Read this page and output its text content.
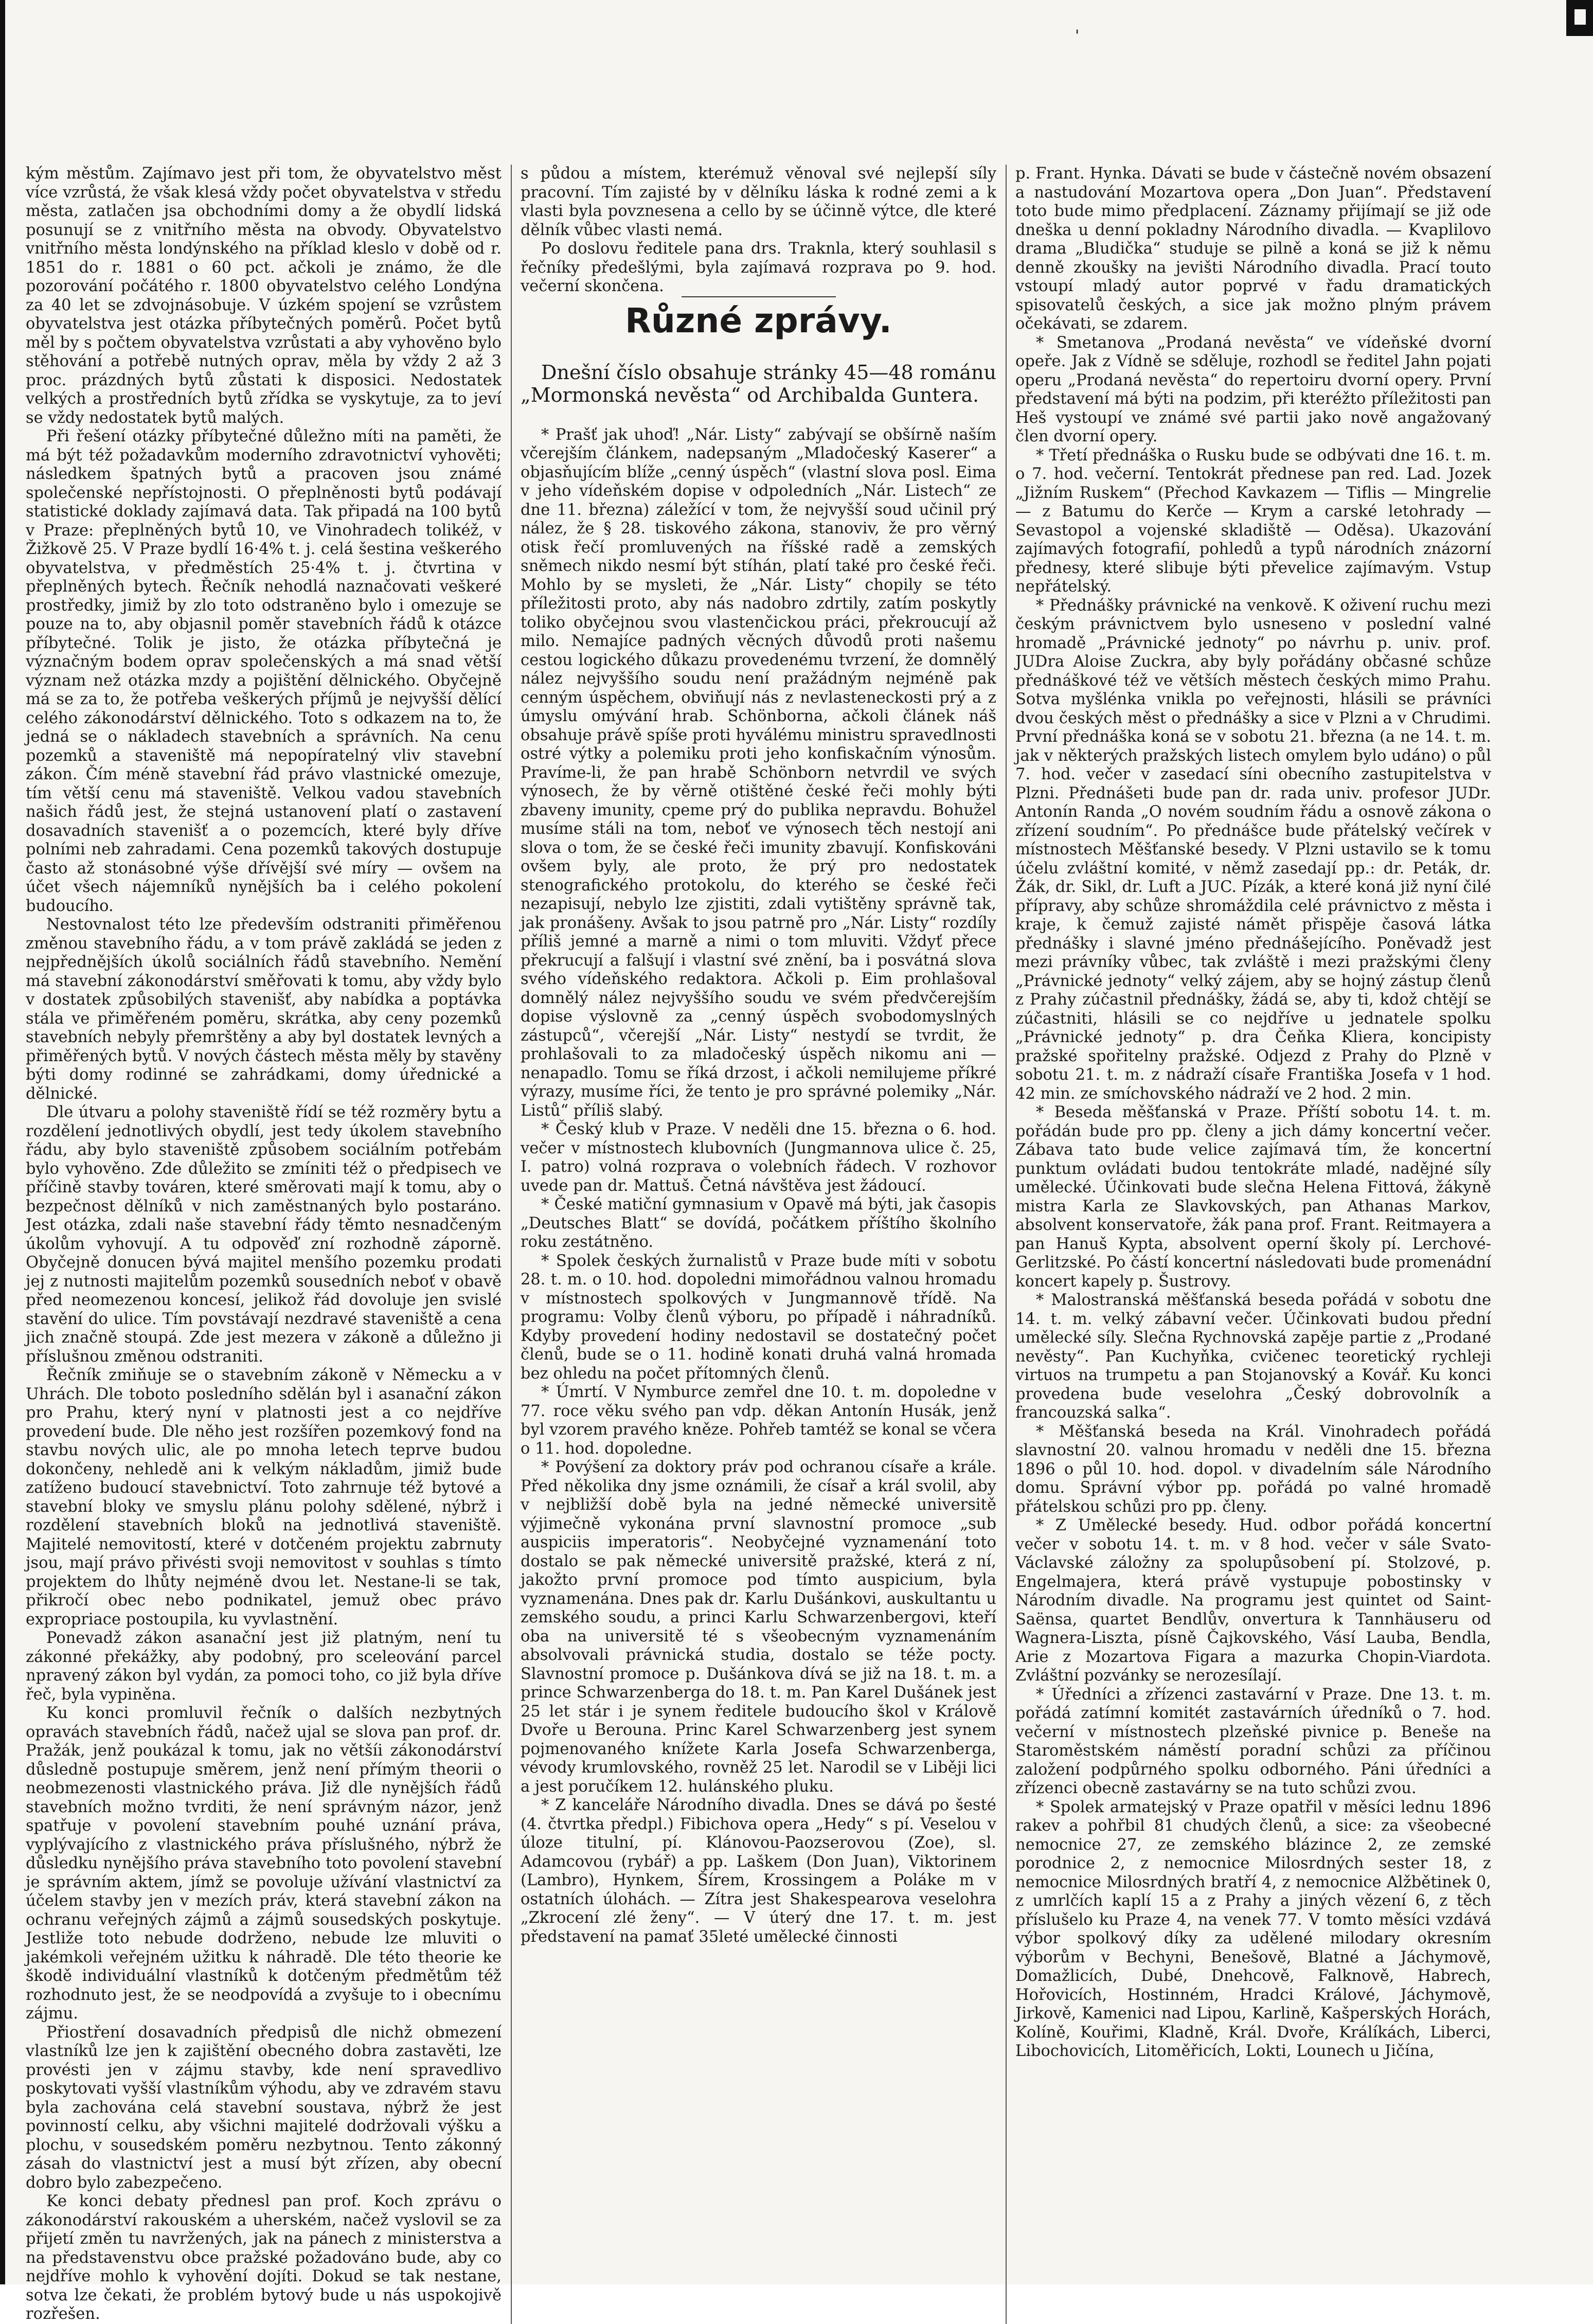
'

kým městům. Zajímavo jest při tom, že obyvatelstvo měst více vzrůstá, že však klesá vždy počet obyvatelstva v středu města, zatlačen jsa obchodními domy a že obydlí lidská posunují se z vnitřního města na obvody. Obyvatelstvo vnitřního města londýnského na příklad kleslo v době od r. 1851 do r. 1881 o 60 pct. ačkoli je známo, že dle pozorování počátého r. 1800 obyvatelstvo celého Londýna za 40 let se zdvojnásobuje. V úzkém spojení se vzrůstem obyvatelstva jest otázka příbytečných poměrů. Počet bytů měl by s počtem obyvatelstva vzrůstati a aby vyhověno bylo stěhování a potřebě nutných oprav, měla by vždy 2 až 3 proc. prázdných bytů zůstati k disposici. Nedostatek velkých a prostředních bytů zřídka se vyskytuje, za to jeví se vždy nedostatek bytů malých.

Při řešení otázky příbytečné důležno míti na paměti, že má být též požadavkům moderního zdravotnictví vyhověti; následkem špatných bytů a pracoven jsou známé společenské nepřístojnosti. O přeplněnosti bytů podávají statistické doklady zajímavá data. Tak připadá na 100 bytů v Praze: přeplněných bytů 10, ve Vinohradech tolikéž, v Žižkově 25. V Praze bydlí 16·4% t. j. celá šestina veškerého obyvatelstva, v předměstích 25·4% t. j. čtvrtina v přeplněných bytech. Řečník nehodlá naznačovati veškeré prostředky, jimiž by zlo toto odstraněno bylo i omezuje se pouze na to, aby objasnil poměr stavebních řádů k otázce příbytečné. Tolik je jisto, že otázka příbytečná je význačným bodem oprav společenských a má snad větší význam než otázka mzdy a pojištění dělnického. Obyčejně má se za to, že potřeba veškerých příjmů je nejvyšší dělící celého zákonodárství dělnického. Toto s odkazem na to, že jedná se o nákladech stavebních a správních. Na cenu pozemků a staveniště má nepopíratelný vliv stavební zákon. Čím méně stavební řád právo vlastnické omezuje, tím větší cenu má staveniště. Velkou vadou stavebních našich řádů jest, že stejná ustanovení platí o zastavení dosavadních stavenišť a o pozemcích, které byly dříve polními neb zahradami. Cena pozemků takových dostupuje často až stonásobné výše dřívější své míry — ovšem na účet všech nájemníků nynějších ba i celého pokolení budoucího.

Nestovnalost této lze především odstraniti přiměřenou změnou stavebního řádu, a v tom právě zakládá se jeden z nejpřednějších úkolů sociálních řádů stavebního. Nemění má stavební zákonodárství směřovati k tomu, aby vždy bylo v dostatek způsobilých stavenišť, aby nabídka a poptávka stála ve přiměřeném poměru, skrátka, aby ceny pozemků stavebních nebyly přemrštěny a aby byl dostatek levných a přiměřených bytů. V nových částech města měly by stavěny býti domy rodinné se zahrádkami, domy úřednické a dělnické.

Dle útvaru a polohy staveniště řídí se též rozměry bytu a rozdělení jednotlivých obydlí, jest tedy úkolem stavebního řádu, aby bylo staveniště způsobem sociálním potřebám bylo vyhověno. Zde důležito se zmíniti též o předpisech ve příčině stavby továren, které směrovati mají k tomu, aby o bezpečnost dělníků v nich zaměstnaných bylo postaráno. Jest otázka, zdali naše stavební řády těmto nesnadčeným úkolům vyhovují. A tu odpověď zní rozhodně záporně. Obyčejně donucen bývá majitel menšího pozemku prodati jej z nutnosti majitelům pozemků sousedních neboť v obavě před neomezenou koncesí, jelikož řád dovoluje jen svislé stavění do ulice. Tím povstávají nezdravé staveniště a cena jich značně stoupá. Zde jest mezera v zákoně a důležno ji příslušnou změnou odstraniti.

Řečník zmiňuje se o stavebním zákoně v Německu a v Uhrách. Dle toboto posledního sdělán byl i asanační zákon pro Prahu, který nyní v platnosti jest a co nejdříve provedení bude. Dle něho jest rozšířen pozemkový fond na stavbu nových ulic, ale po mnoha letech teprve budou dokončeny, nehledě ani k velkým nákladům, jimiž bude zatíženo budoucí stavebnictví. Toto zahrnuje též bytové a stavební bloky ve smyslu plánu polohy sdělené, nýbrž i rozdělení stavebních bloků na jednotlivá staveniště. Majitelé nemovitostí, které v dotčeném projektu zabrnuty jsou, mají právo přivésti svoji nemovitost v souhlas s tímto projektem do lhůty nejméně dvou let. Nestane-li se tak, přikročí obec nebo podnikatel, jemuž obec právo expropriace postoupila, ku vyvlastnění.

Ponevadž zákon asanační jest již platným, není tu zákonné překážky, aby podobný, pro sceleování parcel npravený zákon byl vydán, za pomoci toho, co již byla dříve řeč, byla vypiněna.

Ku konci promluvil řečník o dalších nezbytných opravách stavebních řádů, načež ujal se slova pan prof. dr. Pražák, jenž poukázal k tomu, jak no většíi zákonodárství důsledně postupuje směrem, jenž není přímým theorii o neobmezenosti vlastnického práva. Již dle nynějších řádů stavebních možno tvrditi, že není správným názor, jenž spatřuje v povolení stavebním pouhé uznání práva, vyplývajícího z vlastnického práva příslušného, nýbrž že důsledku nynějšího práva stavebního toto povolení stavební je správním aktem, jímž se povoluje užívání vlastnictví za účelem stavby jen v mezích práv, která stavební zákon na ochranu veřejných zájmů a zájmů sousedských poskytuje. Jestliže toto nebude dodrženo, nebude lze mluviti o jakémkoli veřejném užitku k náhradě. Dle této theorie ke škodě individuální vlastníků k dotčeným předmětům též rozhodnuto jest, že se neodpovídá a zvyšuje to i obecnímu zájmu.

Přiostření dosavadních předpisů dle nichž obmezení vlastníků lze jen k zajištění obecného dobra zastavěti, lze provésti jen v zájmu stavby, kde není spravedlivo poskytovati vyšší vlastníkům výhodu, aby ve zdravém stavu byla zachována celá stavební soustava, nýbrž že jest povinností celku, aby všichni majitelé dodržovali výšku a plochu, v sousedském poměru nezbytnou. Tento zákonný zásah do vlastnictví jest a musí být zřízen, aby obecní dobro bylo zabezpečeno.

Ke konci debaty přednesl pan prof. Koch zprávu o zákonodárství rakouském a uherském, načež vyslovil se za přijetí změn tu navržených, jak na pánech z ministerstva a na představenstvu obce pražské požadováno bude, aby co nejdříve mohlo k vyhovění dojíti. Dokud se tak nestane, sotva lze čekati, že problém bytový bude u nás uspokojivě rozřešen.

s půdou a místem, kterémuž věnoval své nejlepší síly pracovní. Tím zajisté by v dělníku láska k rodné zemi a k vlasti byla povznesena a cello by se účinně výtce, dle které dělník vůbec vlasti nemá.

Po doslovu ředitele pana drs. Traknla, který souhlasil s řečníky předešlými, byla zajímavá rozprava po 9. hod. večerní skončena.

Různé zprávy.

Dnešní číslo obsahuje stránky 45—48 románu „Mormonská nevěsta“ od Archibalda Guntera.

* Prašť jak uhoď! „Nár. Listy“ zabývají se obšírně naším včerejším článkem, nadepsaným „Mladočeský Kaserer“ a objasňujícím blíže „cenný úspěch“ (vlastní slova posl. Eima v jeho vídeňském dopise v odpoledních „Nár. Listech“ ze dne 11. března) záležící v tom, že nejvyšší soud učinil prý nález, že § 28. tiskového zákona, stanoviv, že pro věrný otisk řečí promluvených na říšské radě a zemských sněmech nikdo nesmí být stíhán, platí také pro české řeči. Mohlo by se mysleti, že „Nár. Listy“ chopily se této příležitosti proto, aby nás nadobro zdrtily, zatím poskytly toliko obyčejnou svou vlastenčickou práci, překroucují až milo. Nemajíce padných věcných důvodů proti našemu cestou logického důkazu provedenému tvrzení, že domnělý nález nejvyššího soudu není pražádným nejméně pak cenným úspěchem, obviňují nás z nevlasteneckosti prý a z úmyslu omývání hrab. Schönborna, ačkoli článek náš obsahuje právě spíše proti hyválému ministru spravedlnosti ostré výtky a polemiku proti jeho konfiskačním výnosům. Pravíme-li, že pan hrabě Schönborn netvrdil ve svých výnosech, že by věrně otištěné české řeči mohly býti zbaveny imunity, cpeme prý do publika nepravdu. Bohužel musíme stáli na tom, neboť ve výnosech těch nestojí ani slova o tom, že se české řeči imunity zbavují. Konfiskováni ovšem byly, ale proto, že prý pro nedostatek stenografického protokolu, do kterého se české řeči nezapisují, nebylo lze zjistiti, zdali vytištěny správně tak, jak pronášeny. Avšak to jsou patrně pro „Nár. Listy“ rozdíly příliš jemné a marně a nimi o tom mluviti. Vždyť přece překrucují a falšují i vlastní své znění, ba i posvátná slova svého vídeňského redaktora. Ačkoli p. Eim prohlašoval domnělý nález nejvyššího soudu ve svém předvčerejším dopise výslovně za „cenný úspěch svobodomyslných zástupců“, včerejší „Nár. Listy“ nestydí se tvrdit, že prohlašovali to za mladočeský úspěch nikomu ani — nenapadlo. Tomu se říká drzost, i ačkoli nemilujeme příkré výrazy, musíme říci, že tento je pro správné polemiky „Nár. Listů“ příliš slabý.

* Český klub v Praze. V neděli dne 15. března o 6. hod. večer v místnostech klubovních (Jungmannova ulice č. 25, I. patro) volná rozprava o volebních řádech. V rozhovor uvede pan dr. Mattuš. Četná návštěva jest žádoucí.

* České matiční gymnasium v Opavě má býti, jak časopis „Deutsches Blatt“ se dovídá, počátkem příštího školního roku zestátněno.

* Spolek českých žurnalistů v Praze bude míti v sobotu 28. t. m. o 10. hod. dopoledni mimořádnou valnou hromadu v místnostech spolkových v Jungmannově třídě. Na programu: Volby členů výboru, po případě i náhradníků. Kdyby provedení hodiny nedostavil se dostatečný počet členů, bude se o 11. hodině konati druhá valná hromada bez ohledu na počet přítomných členů.

* Úmrtí. V Nymburce zemřel dne 10. t. m. dopoledne v 77. roce věku svého pan vdp. děkan Antonín Husák, jenž byl vzorem pravého kněze. Pohřeb tamtéž se konal se včera o 11. hod. dopoledne.

* Povýšení za doktory práv pod ochranou císaře a krále. Před několika dny jsme oznámili, že císař a král svolil, aby v nejbližší době byla na jedné německé universitě výjimečně vykonána první slavnostní promoce „sub auspiciis imperatoris“. Neobyčejné vyznamenání toto dostalo se pak německé universitě pražské, která z ní, jakožto první promoce pod tímto auspicium, byla vyznamenána. Dnes pak dr. Karlu Dušánkovi, auskultantu u zemského soudu, a princi Karlu Schwarzenbergovi, kteří oba na universitě té s všeobecným vyznamenáním absolvovali právnická studia, dostalo se téže pocty. Slavnostní promoce p. Dušánkova dívá se již na 18. t. m. a prince Schwarzenberga do 18. t. m. Pan Karel Dušánek jest 25 let stár i je synem ředitele budoucího škol v Králově Dvoře u Berouna. Princ Karel Schwarzenberg jest synem pojmenovaného knížete Karla Josefa Schwarzenberga, vévody krumlovského, rovněž 25 let. Narodil se v Liběji lici a jest poručíkem 12. hulánského pluku.

* Z kanceláře Národního divadla. Dnes se dává po šesté (4. čtvrtka předpl.) Fibichova opera „Hedy“ s pí. Veselou v úloze titulní, pí. Klánovou-Paozserovou (Zoe), sl. Adamcovou (rybář) a pp. Laškem (Don Juan), Viktorinem (Lambro), Hynkem, Šírem, Krossingem a Poláke m v ostatních úlohách. — Zítra jest Shakespearova veselohra „Zkrocení zlé ženy“. — V úterý dne 17. t. m. jest představení na pamať 35leté umělecké činnosti

p. Frant. Hynka. Dávati se bude v částečně novém obsazení a nastudování Mozartova opera „Don Juan“. Představení toto bude mimo předplacení. Záznamy přijímají se již ode dneška u denní pokladny Národního divadla. — Kvaplilovo drama „Bludička“ studuje se pilně a koná se již k němu denně zkoušky na jevišti Národního divadla. Prací touto vstoupí mladý autor poprvé v řadu dramatických spisovatelů českých, a sice jak možno plným právem očekávati, se zdarem.

* Smetanova „Prodaná nevěsta“ ve vídeňské dvorní opeře. Jak z Vídně se sděluje, rozhodl se ředitel Jahn pojati operu „Prodaná nevěsta“ do repertoiru dvorní opery. První představení má býti na podzim, při kteréžto příležitosti pan Heš vystoupí ve známé své partii jako nově angažovaný člen dvorní opery.

* Třetí přednáška o Rusku bude se odbývati dne 16. t. m. o 7. hod. večerní. Tentokrát přednese pan red. Lad. Jozek „Jižním Ruskem“ (Přechod Kavkazem — Tiflis — Mingrelie — z Batumu do Kerče — Krym a carské letohrady — Sevastopol a vojenské skladiště — Oděsa). Ukazování zajímavých fotografií, pohledů a typů národních znázorní přednesy, které slibuje býti převelice zajímavým. Vstup nepřátelský.

* Přednášky právnické na venkově. K oživení ruchu mezi českým právnictvem bylo usneseno v poslední valné hromadě „Právnické jednoty“ po návrhu p. univ. prof. JUDra Aloise Zuckra, aby byly pořádány občasné schůze přednáškové též ve větších městech českých mimo Prahu. Sotva myšlénka vnikla po veřejnosti, hlásili se právníci dvou českých měst o přednášky a sice v Plzni a v Chrudimi. První přednáška koná se v sobotu 21. března (a ne 14. t. m. jak v některých pražských listech omylem bylo udáno) o půl 7. hod. večer v zasedací síni obecního zastupitelstva v Plzni. Přednášeti bude pan dr. rada univ. profesor JUDr. Antonín Randa „O novém soudním řádu a osnově zákona o zřízení soudním“. Po přednášce bude přátelský večírek v místnostech Měšťanské besedy. V Plzni ustavilo se k tomu účelu zvláštní komité, v němž zasedají pp.: dr. Peták, dr. Žák, dr. Sikl, dr. Luft a JUC. Pízák, a které koná již nyní čilé přípravy, aby schůze shromáždila celé právnictvo z města i kraje, k čemuž zajisté námět přispěje časová látka přednášky i slavné jméno přednášejícího. Poněvadž jest mezi právníky vůbec, tak zvláště i mezi pražskými členy „Právnické jednoty“ velký zájem, aby se hojný zástup členů z Prahy zúčastnil přednášky, žádá se, aby ti, kdož chtějí se zúčastniti, hlásili se co nejdříve u jednatele spolku „Právnické jednoty“ p. dra Čeňka Kliera, koncipisty pražské spořitelny pražské. Odjezd z Prahy do Plzně v sobotu 21. t. m. z nádraží císaře Františka Josefa v 1 hod. 42 min. ze smíchovského nádraží ve 2 hod. 2 min.

* Beseda měšťanská v Praze. Příští sobotu 14. t. m. pořádán bude pro pp. členy a jich dámy koncertní večer. Zábava tato bude velice zajímavá tím, že koncertní punktum ovládati budou tentokráte mladé, nadějné síly umělecké. Účinkovati bude slečna Helena Fittová, žákyně mistra Karla ze Slavkovských, pan Athanas Markov, absolvent konservatoře, žák pana prof. Frant. Reitmayera a pan Hanuš Kypta, absolvent operní školy pí. Lerchové-Gerlitzské. Po částí koncertní následovati bude promenádní koncert kapely p. Šustrovy.

* Malostranská měšťanská beseda pořádá v sobotu dne 14. t. m. velký zábavní večer. Účinkovati budou přední umělecké síly. Slečna Rychnovská zapěje partie z „Prodané nevěsty“. Pan Kuchyňka, cvičenec teoretický rychleji virtuos na trumpetu a pan Stojanovský a Kovář. Ku konci provedena bude veselohra „Český dobrovolník a francouzská salka“.

* Měšťanská beseda na Král. Vinohradech pořádá slavnostní 20. valnou hromadu v neděli dne 15. března 1896 o půl 10. hod. dopol. v divadelním sále Národního domu. Správní výbor pp. pořádá po valné hromadě přátelskou schůzi pro pp. členy.

* Z Umělecké besedy. Hud. odbor pořádá koncertní večer v sobotu 14. t. m. v 8 hod. večer v sále Svato-Václavské záložny za spolupůsobení pí. Stolzové, p. Engelmajera, která právě vystupuje pobostinsky v Národním divadle. Na programu jest quintet od Saint-Saënsa, quartet Bendlův, onvertura k Tannhäuseru od Wagnera-Liszta, písně Čajkovského, Vásí Lauba, Bendla, Arie z Mozartova Figara a mazurka Chopin-Viardota. Zvláštní pozvánky se nerozesílají.

* Úředníci a zřízenci zastavární v Praze. Dne 13. t. m. pořádá zatímní komitét zastavárních úředníků o 7. hod. večerní v místnostech plzeňské pivnice p. Beneše na Staroměstském náměstí poradní schůzi za příčinou založení podpůrného spolku odborného. Páni úředníci a zřízenci obecně zastavárny se na tuto schůzi zvou.

* Spolek armatejský v Praze opatřil v měsíci lednu 1896 rakev a pohřbil 81 chudých členů, a sice: za všeobecné nemocnice 27, ze zemského blázince 2, ze zemské porodnice 2, z nemocnice Milosrdných sester 18, z nemocnice Milosrdných bratří 4, z nemocnice Alžbětinek 0, z umrlčích kaplí 15 a z Prahy a jiných vězení 6, z těch příslušelo ku Praze 4, na venek 77. V tomto měsíci vzdává výbor spolkový díky za udělené milodary okresním výborům v Bechyni, Benešově, Blatné a Jáchymově, Domažlicích, Dubé, Dnehcově, Falknově, Habrech, Hořovicích, Hostinném, Hradci Králové, Jáchymově, Jirkově, Kamenici nad Lipou, Karlině, Kašperských Horách, Kolíně, Kouřimi, Kladně, Král. Dvoře, Králíkách, Liberci, Libochovicích, Litoměřicích, Lokti, Lounech u Jičína,
